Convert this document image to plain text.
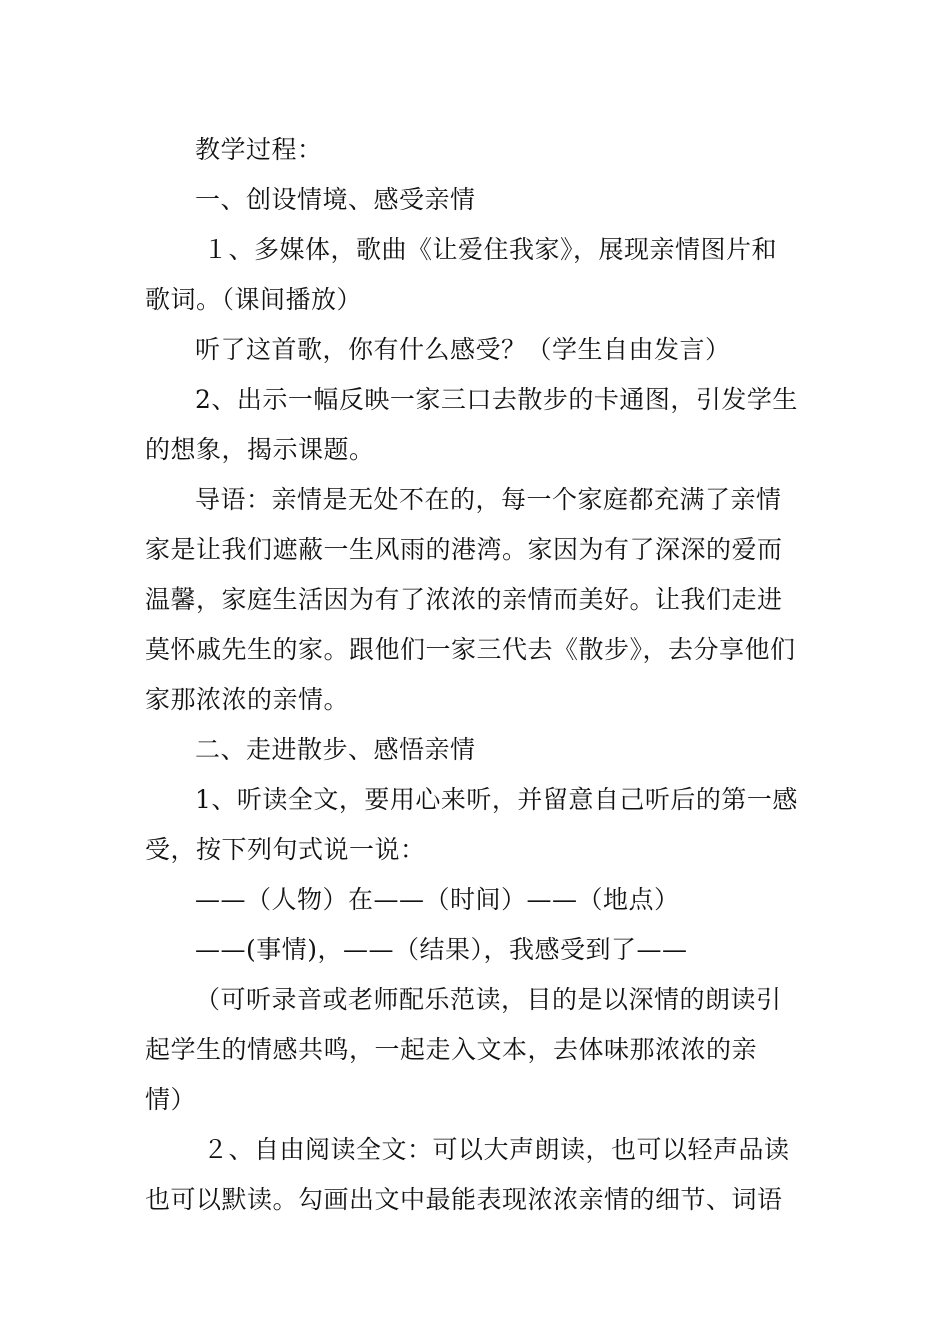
教学过程：
一、创设情境、感受亲情
１、多媒体，歌曲《让爱住我家》，展现亲情图片和
歌词。（课间播放）
听了这首歌，你有什么感受？（学生自由发言）
2、出示一幅反映一家三口去散步的卡通图，引发学生
的想象，揭示课题。
导语：亲情是无处不在的，每一个家庭都充满了亲情
家是让我们遮蔽一生风雨的港湾。家因为有了深深的爱而
温馨，家庭生活因为有了浓浓的亲情而美好。让我们走进
莫怀戚先生的家。跟他们一家三代去《散步》，去分享他们
家那浓浓的亲情。
二、走进散步、感悟亲情
1、听读全文，要用心来听，并留意自己听后的第一感
受，按下列句式说一说：
——（人物）在——（时间）——（地点）
——(事情)，——（结果），我感受到了——
（可听录音或老师配乐范读，目的是以深情的朗读引
起学生的情感共鸣，一起走入文本，去体味那浓浓的亲
情）
２、自由阅读全文：可以大声朗读，也可以轻声品读
也可以默读。勾画出文中最能表现浓浓亲情的细节、词语
